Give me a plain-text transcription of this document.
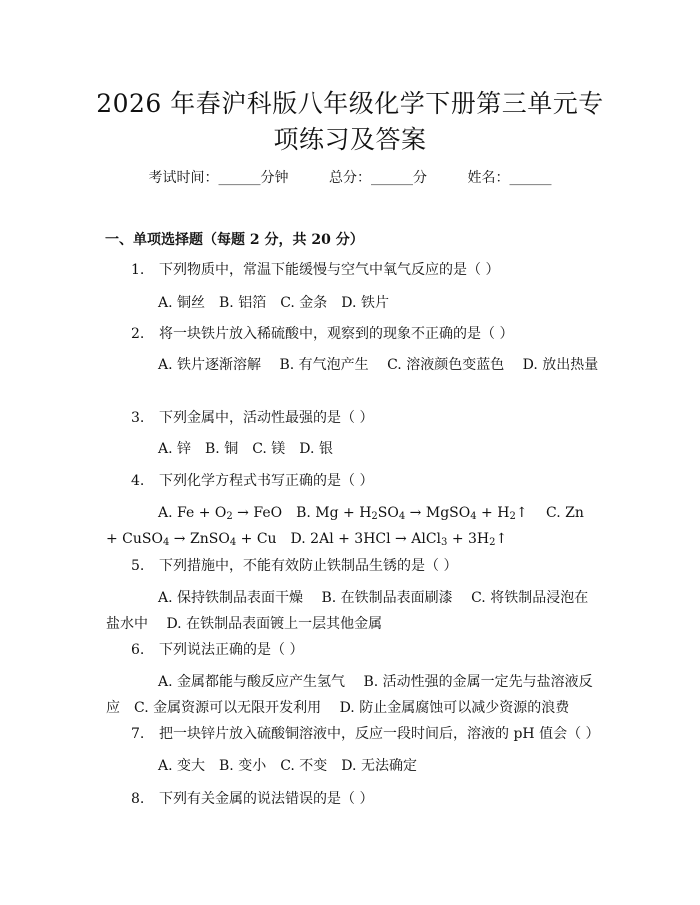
2026 年春沪科版八年级化学下册第三单元专
项练习及答案
考试时间：______分钟	总分：______分	姓名：______
一、单项选择题（每题 2 分，共 20 分）
1. 下列物质中，常温下能缓慢与空气中氧气反应的是（ ）
A. 铜丝　B. 铝箔　C. 金条　D. 铁片
2. 将一块铁片放入稀硫酸中，观察到的现象不正确的是（ ）
A. 铁片逐渐溶解　 B. 有气泡产生　 C. 溶液颜色变蓝色　 D. 放出热量
3. 下列金属中，活动性最强的是（ ）
A. 锌　B. 铜　C. 镁　D. 银
4. 下列化学方程式书写正确的是（ ）
A. $Fe + O_2$ → FeO　B. $Mg + H_2SO_4$ → MgSO$_4$ + $H_2↑$　 C. Zn + CuSO$_4$ → ZnSO$_4$ + Cu　D. 2Al + 3HCl → AlCl$_3$ + $3H_2↑$
5. 下列措施中，不能有效防止铁制品生锈的是（ ）
A. 保持铁制品表面干燥　 B. 在铁制品表面刷漆　 C. 将铁制品浸泡在盐水中　 D. 在铁制品表面镀上一层其他金属
6. 下列说法正确的是（ ）
A. 金属都能与酸反应产生氢气　 B. 活动性强的金属一定先与盐溶液反应　C. 金属资源可以无限开发利用　 D. 防止金属腐蚀可以减少资源的浪费
7. 把一块锌片放入硫酸铜溶液中，反应一段时间后，溶液的 pH 值会（ ）
A. 变大　B. 变小　C. 不变　D. 无法确定
8. 下列有关金属的说法错误的是（ ）
